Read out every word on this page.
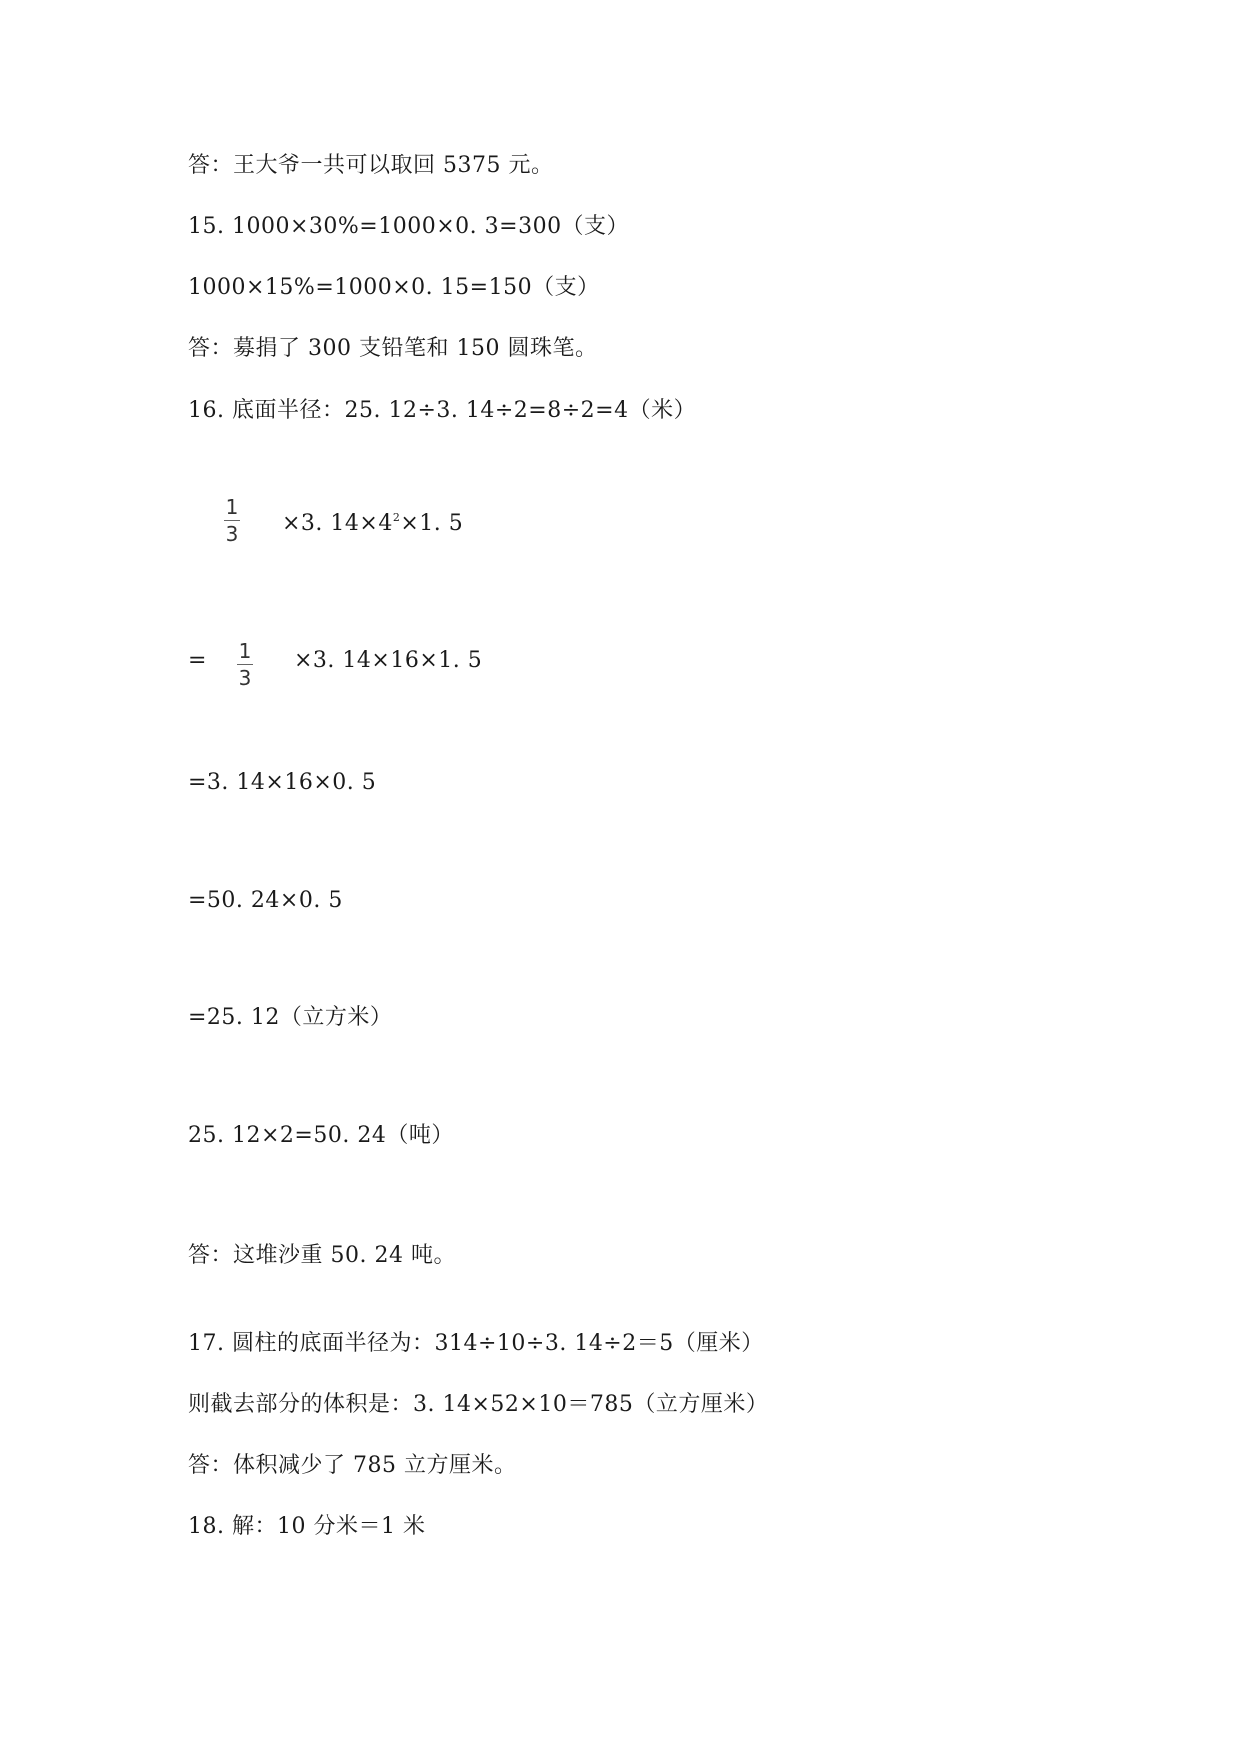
答：王大爷一共可以取回 5375 元。
15. 1000×30%=1000×0. 3=300（支）
1000×15%=1000×0. 15=150（支）
答：募捐了 300 支铅笔和 150 圆珠笔。
16. 底面半径：25. 12÷3. 14÷2=8÷2=4（米）
1
3 ×3. $14\times 4^2\times 1$. 5
= 1
3
×3. 14×16×1. 5
=3. 14×16×0. 5
=50. 24×0. 5
=25. 12（立方米）
25. 12×2=50. 24（吨）
答：这堆沙重 50. 24 吨。
17. 圆柱的底面半径为：314÷10÷3. 14÷2＝5（厘米）
则截去部分的体积是：3. 14×52×10＝785（立方厘米）
答：体积减少了 785 立方厘米。
18. 解：10 分米＝1 米
